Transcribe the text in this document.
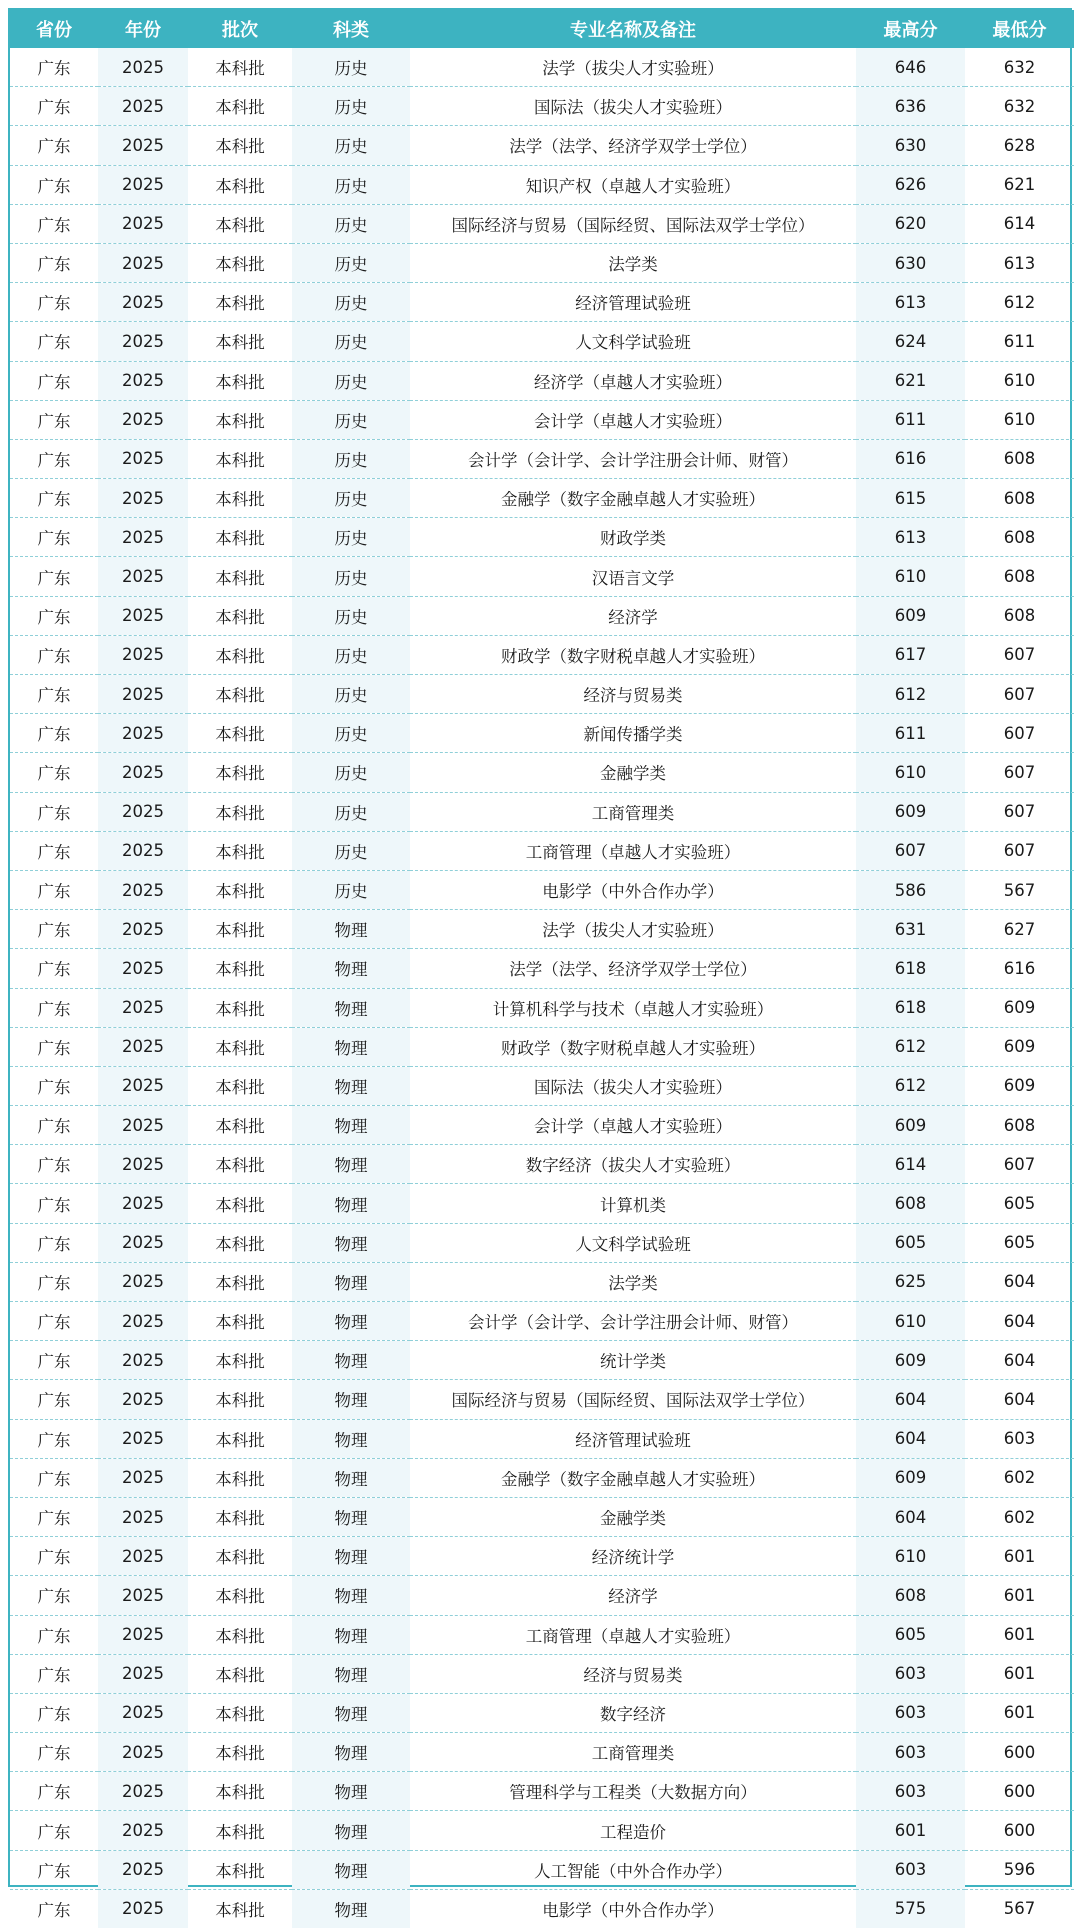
省份	年份	批次	科类	专业名称及备注	最高分	最低分
广东	2025	本科批	历史	法学（拔尖人才实验班）	646	632
广东	2025	本科批	历史	国际法（拔尖人才实验班）	636	632
广东	2025	本科批	历史	法学（法学、经济学双学士学位）	630	628
广东	2025	本科批	历史	知识产权（卓越人才实验班）	626	621
广东	2025	本科批	历史	国际经济与贸易（国际经贸、国际法双学士学位）	620	614
广东	2025	本科批	历史	法学类	630	613
广东	2025	本科批	历史	经济管理试验班	613	612
广东	2025	本科批	历史	人文科学试验班	624	611
广东	2025	本科批	历史	经济学（卓越人才实验班）	621	610
广东	2025	本科批	历史	会计学（卓越人才实验班）	611	610
广东	2025	本科批	历史	会计学（会计学、会计学注册会计师、财管）	616	608
广东	2025	本科批	历史	金融学（数字金融卓越人才实验班）	615	608
广东	2025	本科批	历史	财政学类	613	608
广东	2025	本科批	历史	汉语言文学	610	608
广东	2025	本科批	历史	经济学	609	608
广东	2025	本科批	历史	财政学（数字财税卓越人才实验班）	617	607
广东	2025	本科批	历史	经济与贸易类	612	607
广东	2025	本科批	历史	新闻传播学类	611	607
广东	2025	本科批	历史	金融学类	610	607
广东	2025	本科批	历史	工商管理类	609	607
广东	2025	本科批	历史	工商管理（卓越人才实验班）	607	607
广东	2025	本科批	历史	电影学（中外合作办学）	586	567
广东	2025	本科批	物理	法学（拔尖人才实验班）	631	627
广东	2025	本科批	物理	法学（法学、经济学双学士学位）	618	616
广东	2025	本科批	物理	计算机科学与技术（卓越人才实验班）	618	609
广东	2025	本科批	物理	财政学（数字财税卓越人才实验班）	612	609
广东	2025	本科批	物理	国际法（拔尖人才实验班）	612	609
广东	2025	本科批	物理	会计学（卓越人才实验班）	609	608
广东	2025	本科批	物理	数字经济（拔尖人才实验班）	614	607
广东	2025	本科批	物理	计算机类	608	605
广东	2025	本科批	物理	人文科学试验班	605	605
广东	2025	本科批	物理	法学类	625	604
广东	2025	本科批	物理	会计学（会计学、会计学注册会计师、财管）	610	604
广东	2025	本科批	物理	统计学类	609	604
广东	2025	本科批	物理	国际经济与贸易（国际经贸、国际法双学士学位）	604	604
广东	2025	本科批	物理	经济管理试验班	604	603
广东	2025	本科批	物理	金融学（数字金融卓越人才实验班）	609	602
广东	2025	本科批	物理	金融学类	604	602
广东	2025	本科批	物理	经济统计学	610	601
广东	2025	本科批	物理	经济学	608	601
广东	2025	本科批	物理	工商管理（卓越人才实验班）	605	601
广东	2025	本科批	物理	经济与贸易类	603	601
广东	2025	本科批	物理	数字经济	603	601
广东	2025	本科批	物理	工商管理类	603	600
广东	2025	本科批	物理	管理科学与工程类（大数据方向）	603	600
广东	2025	本科批	物理	工程造价	601	600
广东	2025	本科批	物理	人工智能（中外合作办学）	603	596
广东	2025	本科批	物理	电影学（中外合作办学）	575	567
